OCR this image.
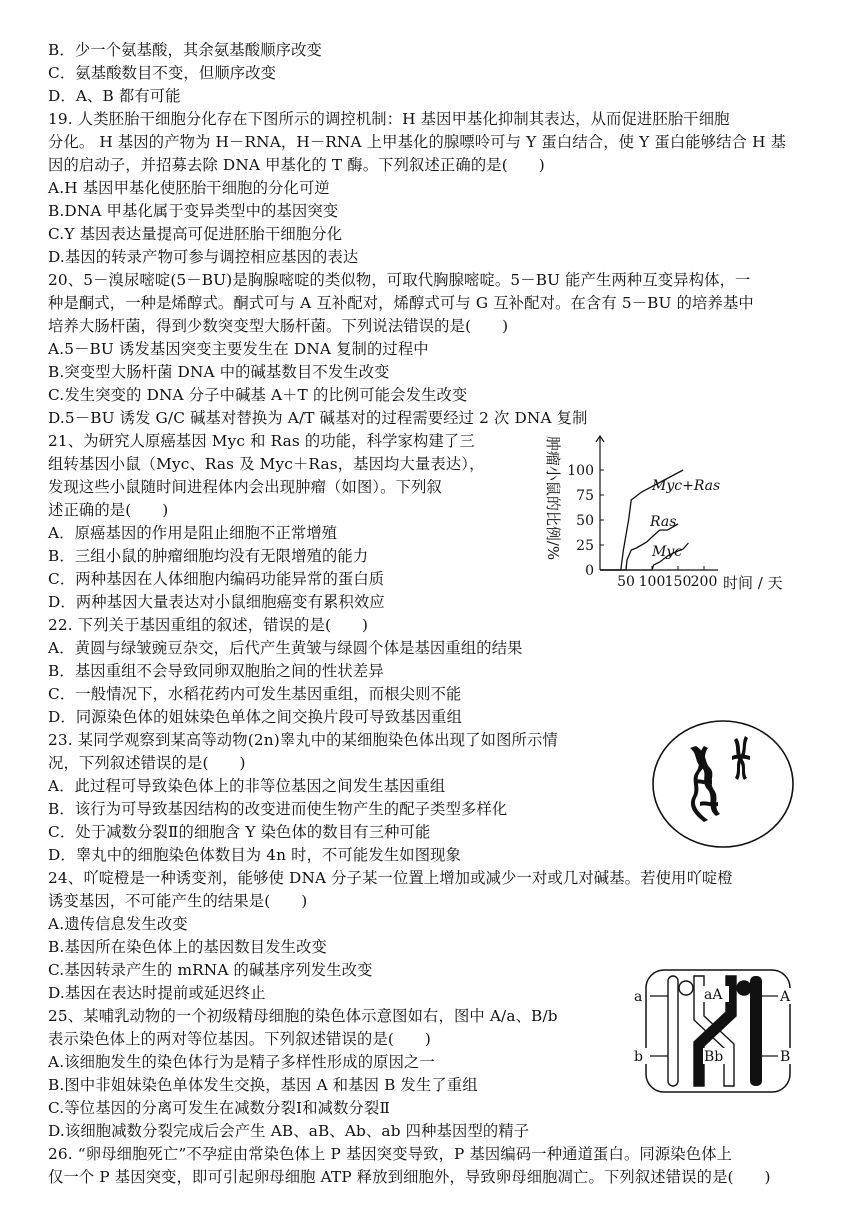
B．少一个氨基酸，其余氨基酸顺序改变
C．氨基酸数目不变，但顺序改变
D．A、B 都有可能
19. 人类胚胎干细胞分化存在下图所示的调控机制：H 基因甲基化抑制其表达，从而促进胚胎干细胞
分化。 H 基因的产物为 H－RNA，H－RNA 上甲基化的腺嘌呤可与 Y 蛋白结合，使 Y 蛋白能够结合 H 基
因的启动子，并招募去除 DNA 甲基化的 T 酶。下列叙述正确的是(　　)
A.H 基因甲基化使胚胎干细胞的分化可逆
B.DNA 甲基化属于变异类型中的基因突变
C.Y 基因表达量提高可促进胚胎干细胞分化
D.基因的转录产物可参与调控相应基因的表达
20、5－溴尿嘧啶(5－BU)是胸腺嘧啶的类似物，可取代胸腺嘧啶。5－BU 能产生两种互变异构体，一
种是酮式，一种是烯醇式。酮式可与 A 互补配对，烯醇式可与 G 互补配对。在含有 5－BU 的培养基中
培养大肠杆菌，得到少数突变型大肠杆菌。下列说法错误的是(　　)
A.5－BU 诱发基因突变主要发生在 DNA 复制的过程中
B.突变型大肠杆菌 DNA 中的碱基数目不发生改变
C.发生突变的 DNA 分子中碱基 A＋T 的比例可能会发生改变
D.5－BU 诱发 G/C 碱基对替换为 A/T 碱基对的过程需要经过 2 次 DNA 复制
21、为研究人原癌基因 Myc 和 Ras 的功能，科学家构建了三
组转基因小鼠（Myc、Ras 及 Myc＋Ras，基因均大量表达），
发现这些小鼠随时间进程体内会出现肿瘤（如图）。下列叙
述正确的是(　　)
A．原癌基因的作用是阻止细胞不正常增殖
B．三组小鼠的肿瘤细胞均没有无限增殖的能力
C．两种基因在人体细胞内编码功能异常的蛋白质
D．两种基因大量表达对小鼠细胞癌变有累积效应
肿瘤小鼠的比例/%
0
25
50
75
100
50 100 150 200
Myc+Ras
Ras
Myc
时间 / 天
22. 下列关于基因重组的叙述，错误的是(　　)
A．黄圆与绿皱豌豆杂交，后代产生黄皱与绿圆个体是基因重组的结果
B．基因重组不会导致同卵双胞胎之间的性状差异
C．一般情况下，水稻花药内可发生基因重组，而根尖则不能
D．同源染色体的姐妹染色单体之间交换片段可导致基因重组
23. 某同学观察到某高等动物(2n)睾丸中的某细胞染色体出现了如图所示情
况，下列叙述错误的是(　　)
A．此过程可导致染色体上的非等位基因之间发生基因重组
B．该行为可导致基因结构的改变进而使生物产生的配子类型多样化
C．处于减数分裂Ⅱ的细胞含 Y 染色体的数目有三种可能
D．睾丸中的细胞染色体数目为 4n 时，不可能发生如图现象
24、吖啶橙是一种诱变剂，能够使 DNA 分子某一位置上增加或减少一对或几对碱基。若使用吖啶橙
诱变基因，不可能产生的结果是(　　)
A.遗传信息发生改变
B.基因所在染色体上的基因数目发生改变
C.基因转录产生的 mRNA 的碱基序列发生改变
D.基因在表达时提前或延迟终止
25、某哺乳动物的一个初级精母细胞的染色体示意图如右，图中 A/a、B/b
表示染色体上的两对等位基因。下列叙述错误的是(　　)
A.该细胞发生的染色体行为是精子多样性形成的原因之一
B.图中非姐妹染色单体发生交换，基因 A 和基因 B 发生了重组
C.等位基因的分离可发生在减数分裂Ⅰ和减数分裂Ⅱ
D.该细胞减数分裂完成后会产生 AB、aB、Ab、ab 四种基因型的精子
a	aA	A
b	Bb	B
26. “卵母细胞死亡”不孕症由常染色体上 P 基因突变导致，P 基因编码一种通道蛋白。同源染色体上
仅一个 P 基因突变，即可引起卵母细胞 ATP 释放到细胞外，导致卵母细胞凋亡。下列叙述错误的是(　　)
